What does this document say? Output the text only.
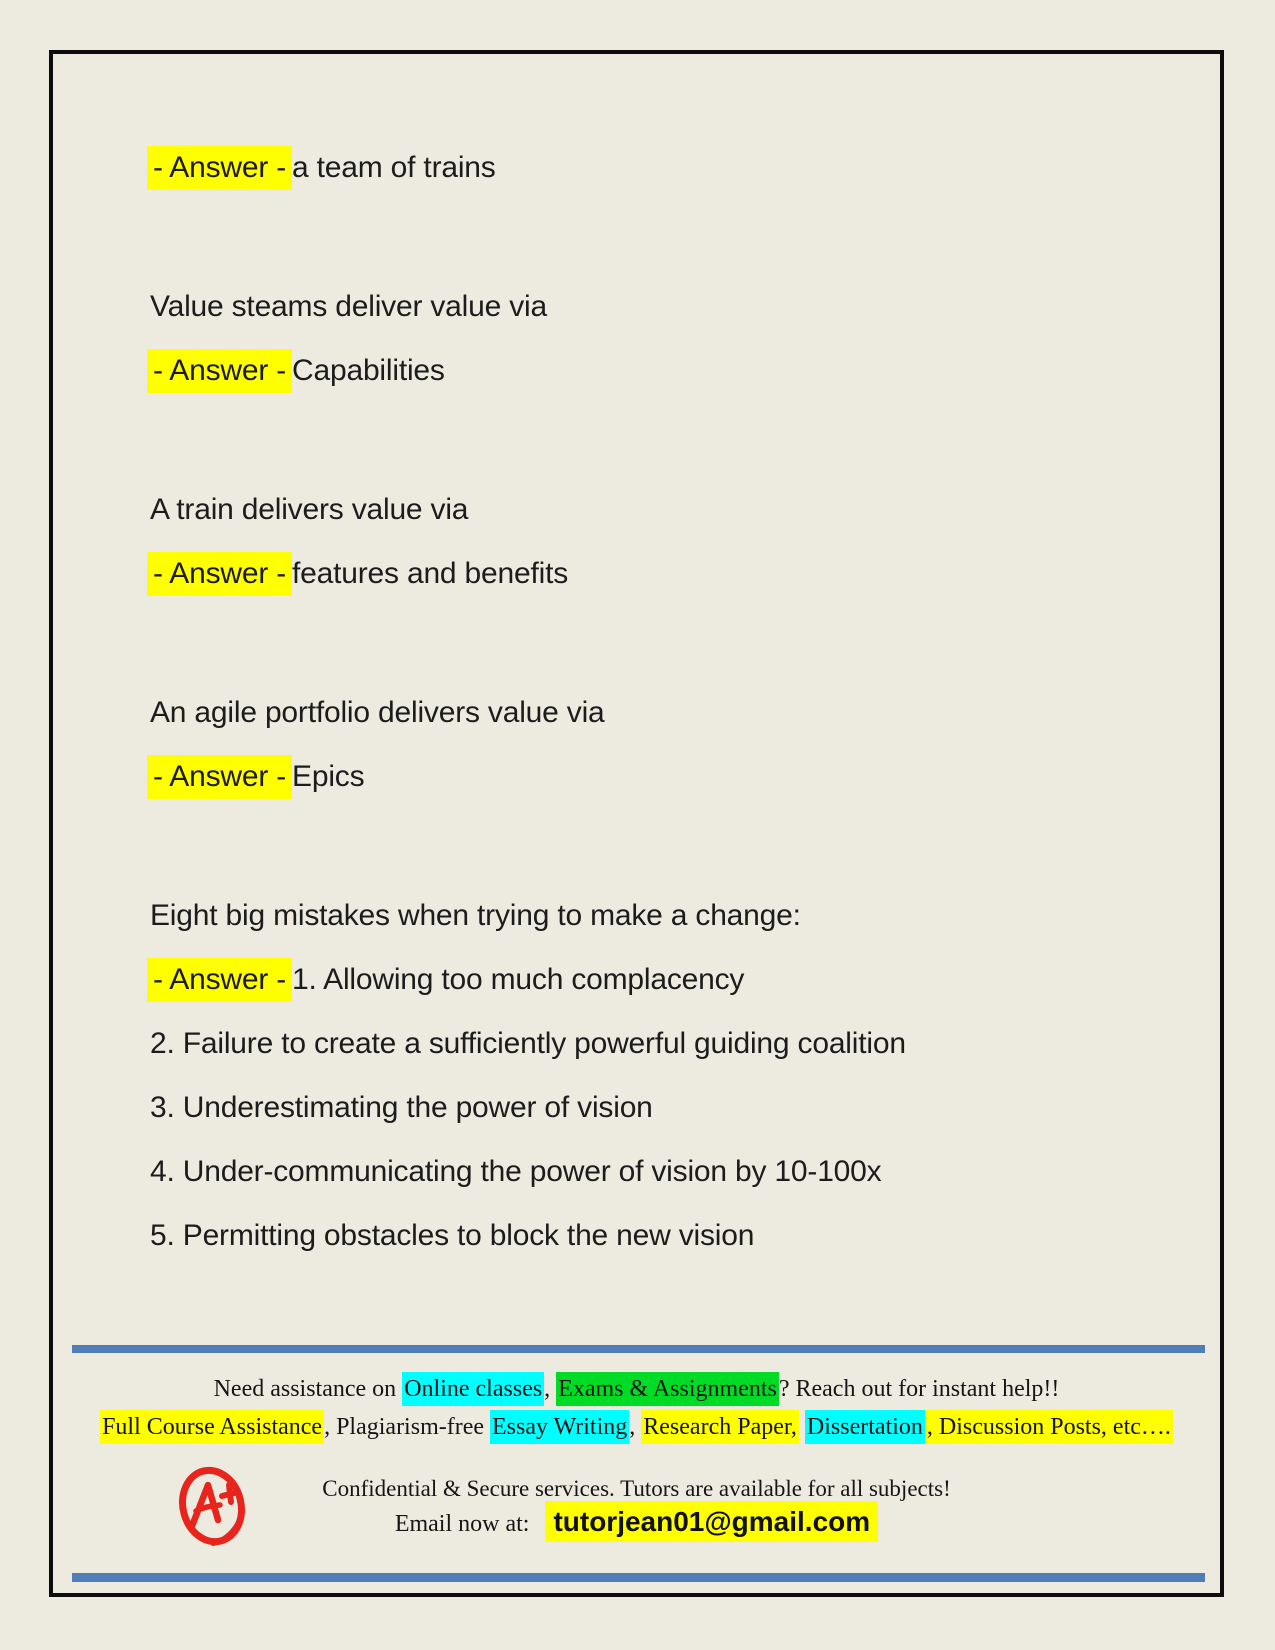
- Answer - a team of trains
Value steams deliver value via
- Answer - Capabilities
A train delivers value via
- Answer - features and benefits
An agile portfolio delivers value via
- Answer - Epics
Eight big mistakes when trying to make a change:
- Answer - 1. Allowing too much complacency
2. Failure to create a sufficiently powerful guiding coalition
3. Underestimating the power of vision
4. Under-communicating the power of vision by 10-100x
5. Permitting obstacles to block the new vision
Need assistance on Online classes, Exams & Assignments? Reach out for instant help!!
Full Course Assistance, Plagiarism-free Essay Writing, Research Paper, Dissertation , Discussion Posts, etc….
Confidential & Secure services. Tutors are available for all subjects!
Email now at: tutorjean01@gmail.com
